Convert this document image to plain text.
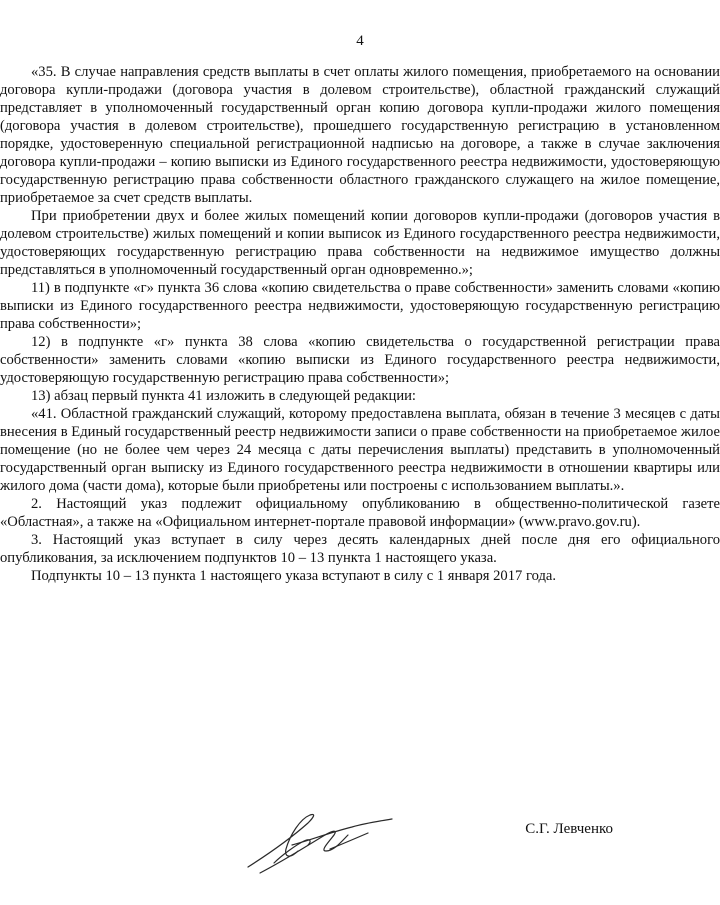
4

«35. В случае направления средств выплаты в счет оплаты жилого помещения, приобретаемого на основании договора купли-продажи (договора участия в долевом строительстве), областной гражданский служащий представляет в уполномоченный государственный орган копию договора купли-продажи жилого помещения (договора участия в долевом строительстве), прошедшего государственную регистрацию в установленном порядке, удостоверенную специальной регистрационной надписью на договоре, а также в случае заключения договора купли-продажи – копию выписки из Единого государственного реестра недвижимости, удостоверяющую государственную регистрацию права собственности областного гражданского служащего на жилое помещение, приобретаемое за счет средств выплаты.

При приобретении двух и более жилых помещений копии договоров купли-продажи (договоров участия в долевом строительстве) жилых помещений и копии выписок из Единого государственного реестра недвижимости, удостоверяющих государственную регистрацию права собственности на недвижимое имущество должны представляться в уполномоченный государственный орган одновременно.»;

11) в подпункте «г» пункта 36 слова «копию свидетельства о праве собственности» заменить словами «копию выписки из Единого государственного реестра недвижимости, удостоверяющую государственную регистрацию права собственности»;

12) в подпункте «г» пункта 38 слова «копию свидетельства о государственной регистрации права собственности» заменить словами «копию выписки из Единого государственного реестра недвижимости, удостоверяющую государственную регистрацию права собственности»;

13) абзац первый пункта 41 изложить в следующей редакции:

«41. Областной гражданский служащий, которому предоставлена выплата, обязан в течение 3 месяцев с даты внесения в Единый государственный реестр недвижимости записи о праве собственности на приобретаемое жилое помещение (но не более чем через 24 месяца с даты перечисления выплаты) представить в уполномоченный государственный орган выписку из Единого государственного реестра недвижимости в отношении квартиры или жилого дома (части дома), которые были приобретены или построены с использованием выплаты.».

2. Настоящий указ подлежит официальному опубликованию в общественно-политической газете «Областная», а также на «Официальном интернет-портале правовой информации» (www.pravo.gov.ru).

3. Настоящий указ вступает в силу через десять календарных дней после дня его официального опубликования, за исключением подпунктов 10 – 13 пункта 1 настоящего указа.

Подпункты 10 – 13 пункта 1 настоящего указа вступают в силу с 1 января 2017 года.

С.Г. Левченко
